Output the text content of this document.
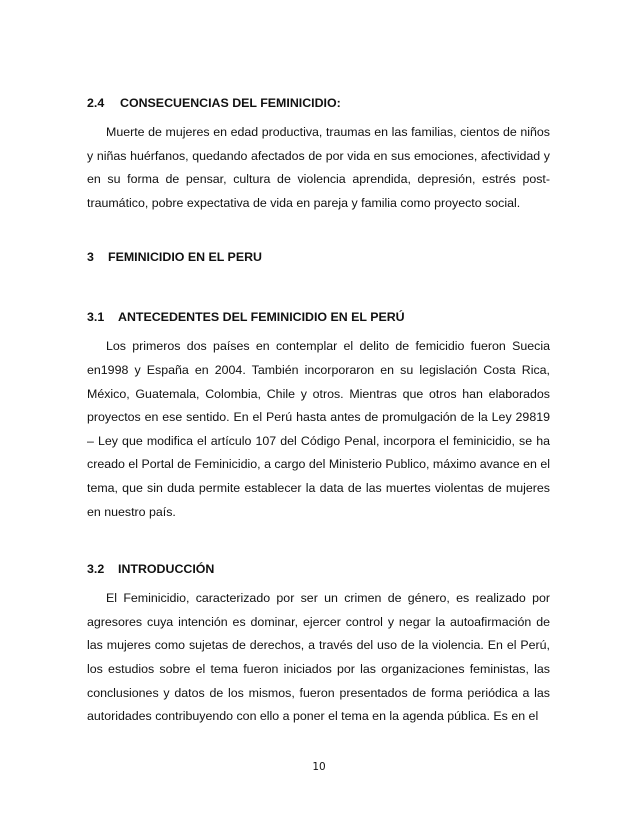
2.4 CONSECUENCIAS DEL FEMINICIDIO:

Muerte de mujeres en edad productiva, traumas en las familias, cientos de niños y niñas huérfanos, quedando afectados de por vida en sus emociones, afectividad y en su forma de pensar, cultura de violencia aprendida, depresión, estrés post-traumático, pobre expectativa de vida en pareja y familia como proyecto social.

3 FEMINICIDIO EN EL PERU
3.1 ANTECEDENTES DEL FEMINICIDIO EN EL PERÚ

Los primeros dos países en contemplar el delito de femicidio fueron Suecia en1998 y España en 2004. También incorporaron en su legislación Costa Rica, México, Guatemala, Colombia, Chile y otros. Mientras que otros han elaborados proyectos en ese sentido. En el Perú hasta antes de promulgación de la Ley 29819 – Ley que modifica el artículo 107 del Código Penal, incorpora el feminicidio, se ha creado el Portal de Feminicidio, a cargo del Ministerio Publico, máximo avance en el tema, que sin duda permite establecer la data de las muertes violentas de mujeres en nuestro país.

3.2 INTRODUCCIÓN

El Feminicidio, caracterizado por ser un crimen de género, es realizado por agresores cuya intención es dominar, ejercer control y negar la autoafirmación de las mujeres como sujetas de derechos, a través del uso de la violencia. En el Perú, los estudios sobre el tema fueron iniciados por las organizaciones feministas, las conclusiones y datos de los mismos, fueron presentados de forma periódica a las autoridades contribuyendo con ello a poner el tema en la agenda pública. Es en el

10
